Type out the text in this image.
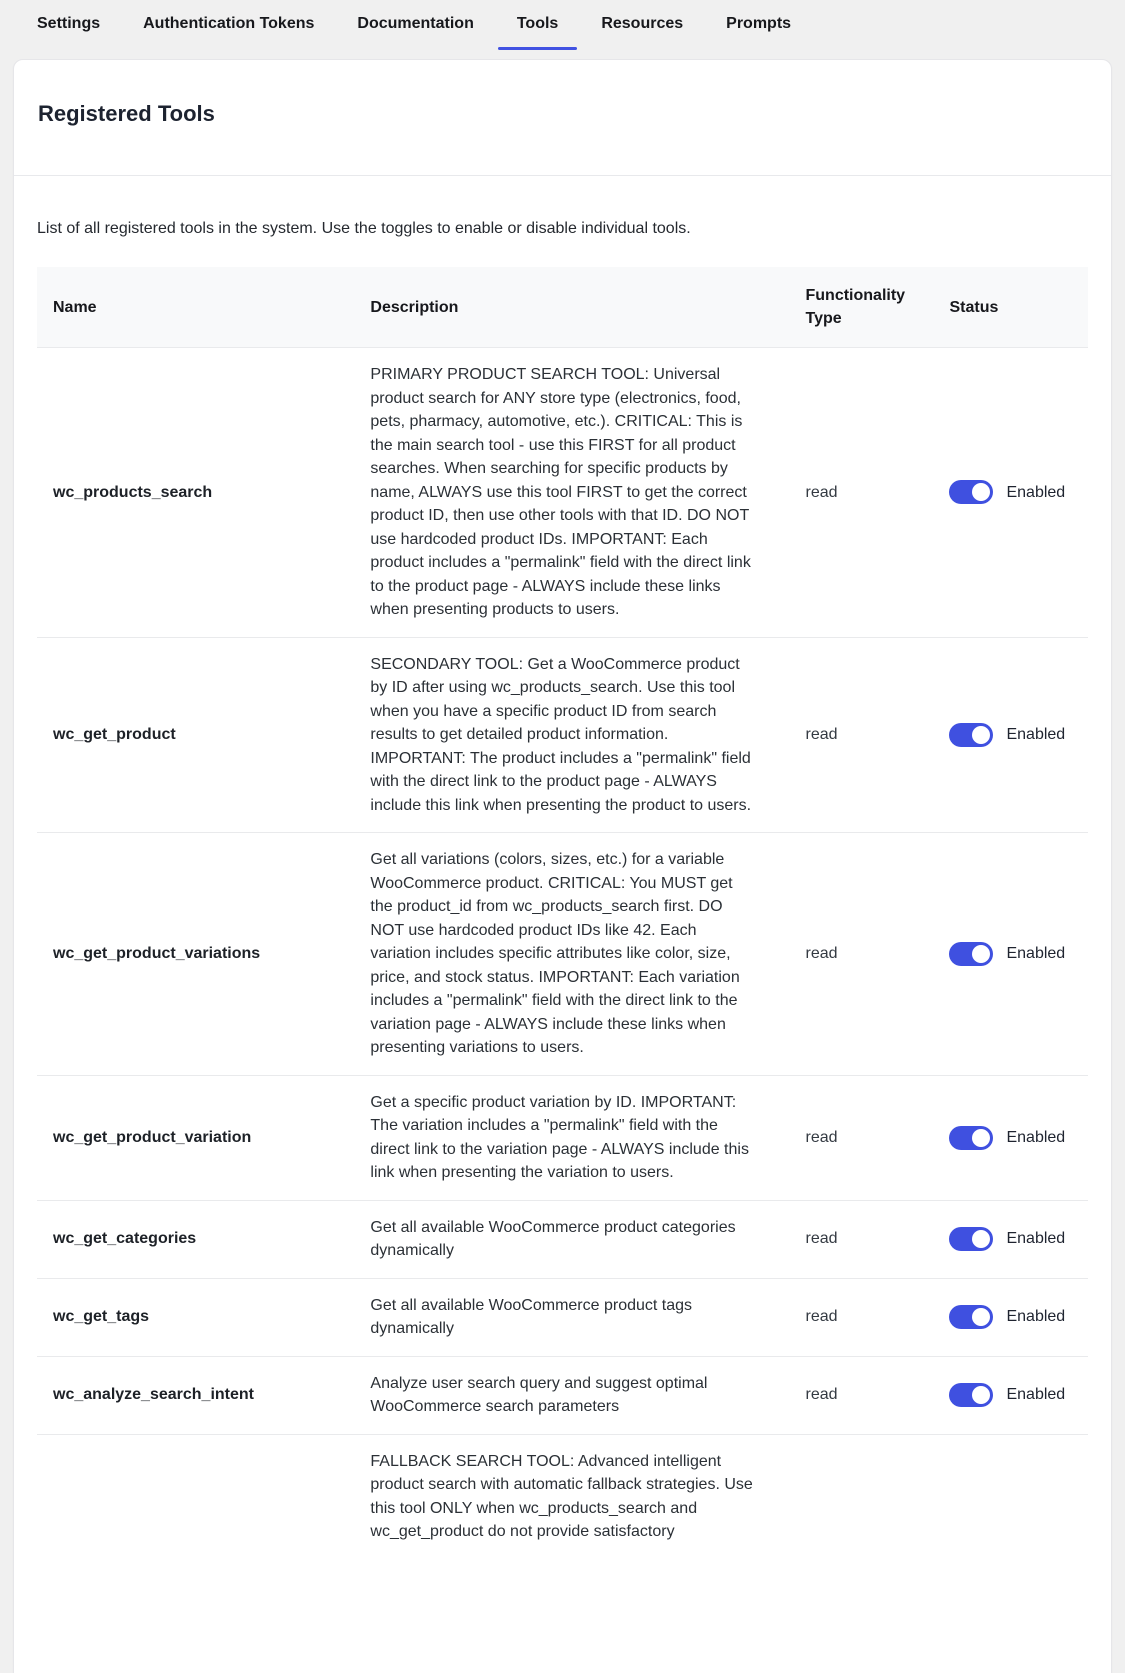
Settings	Authentication Tokens	Documentation	Tools	Resources	Prompts
Registered Tools

List of all registered tools in the system. Use the toggles to enable or disable individual tools.

Name	Description	Functionality Type	Status
wc_products_search	PRIMARY PRODUCT SEARCH TOOL: Universal product search for ANY store type (electronics, food, pets, pharmacy, automotive, etc.). CRITICAL: This is the main search tool - use this FIRST for all product searches. When searching for specific products by name, ALWAYS use this tool FIRST to get the correct product ID, then use other tools with that ID. DO NOT use hardcoded product IDs. IMPORTANT: Each product includes a "permalink" field with the direct link to the product page - ALWAYS include these links when presenting products to users.	read	Enabled

wc_get_product	SECONDARY TOOL: Get a WooCommerce product by ID after using wc_products_search. Use this tool when you have a specific product ID from search results to get detailed product information. IMPORTANT: The product includes a "permalink" field with the direct link to the product page - ALWAYS include this link when presenting the product to users.	read	Enabled

wc_get_product_variations	Get all variations (colors, sizes, etc.) for a variable WooCommerce product. CRITICAL: You MUST get the product_id from wc_products_search first. DO NOT use hardcoded product IDs like 42. Each variation includes specific attributes like color, size, price, and stock status. IMPORTANT: Each variation includes a "permalink" field with the direct link to the variation page - ALWAYS include these links when presenting variations to users.	read	Enabled

wc_get_product_variation	Get a specific product variation by ID. IMPORTANT: The variation includes a "permalink" field with the direct link to the variation page - ALWAYS include this link when presenting the variation to users.	read	Enabled

wc_get_categories	Get all available WooCommerce product categories dynamically	read	Enabled

wc_get_tags	Get all available WooCommerce product tags dynamically	read	Enabled

wc_analyze_search_intent	Analyze user search query and suggest optimal WooCommerce search parameters	read	Enabled

	FALLBACK SEARCH TOOL: Advanced intelligent product search with automatic fallback strategies. Use this tool ONLY when wc_products_search and wc_get_product do not provide satisfactory		
